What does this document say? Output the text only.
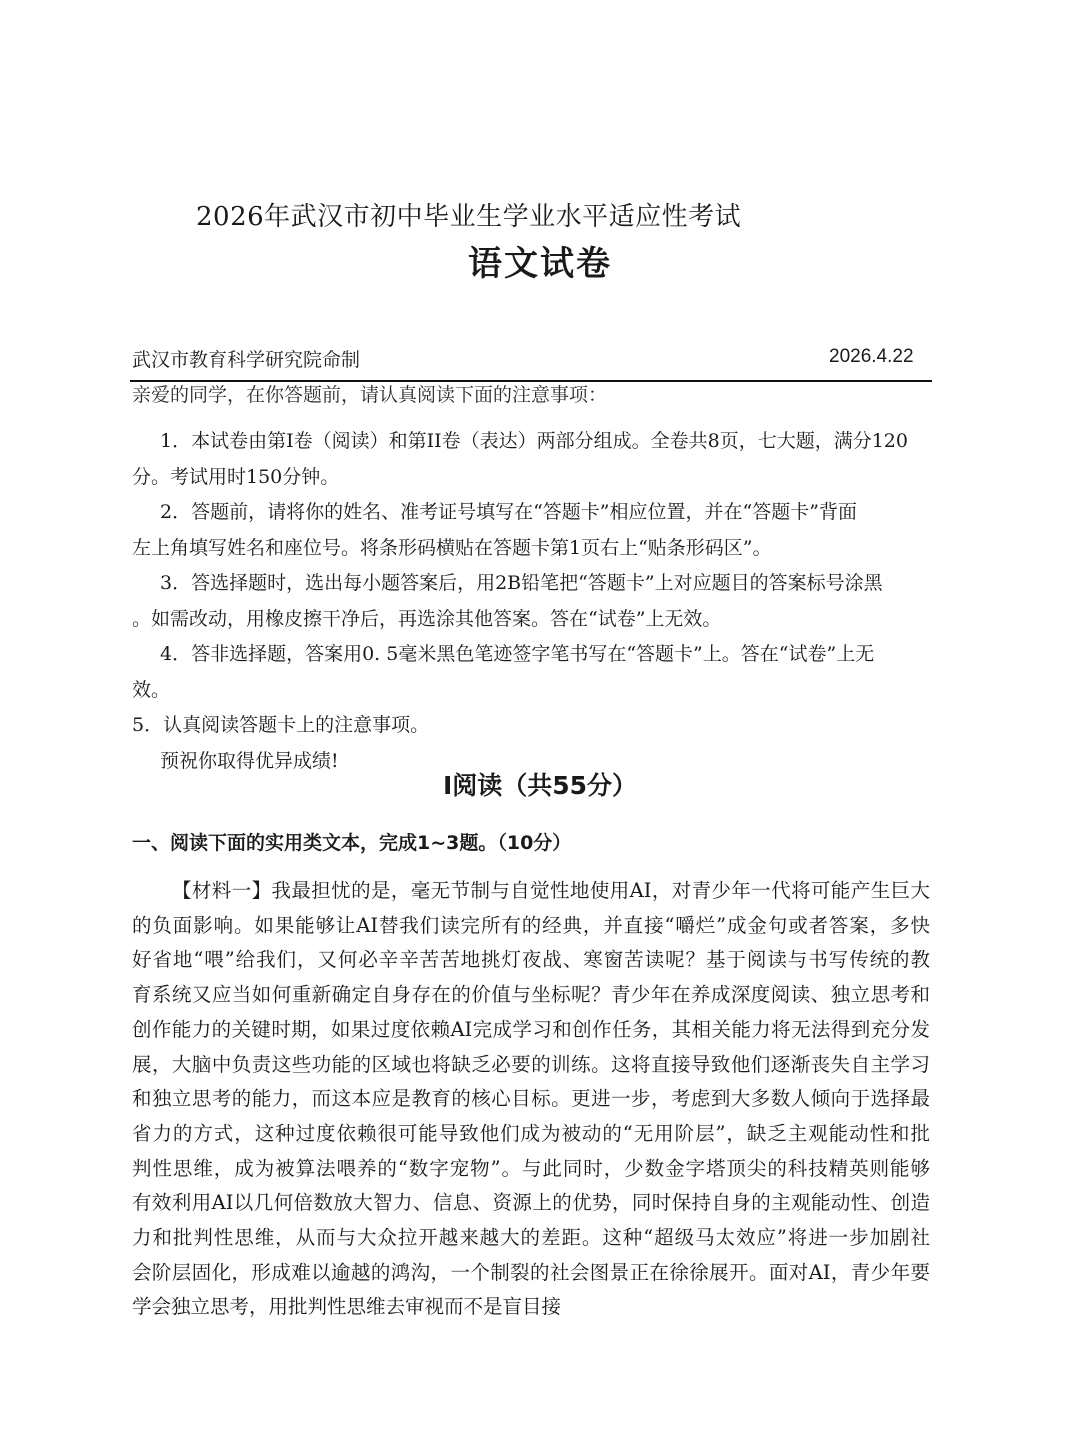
2026年武汉市初中毕业生学业水平适应性考试
语文试卷
武汉市教育科学研究院命制	2026.4.22
亲爱的同学，在你答题前，请认真阅读下面的注意事项：

1．本试卷由第I卷（阅读）和第II卷（表达）两部分组成。全卷共8页，七大题，满分120

分。考试用时150分钟。

2．答题前，请将你的姓名、准考证号填写在“答题卡”相应位置，并在“答题卡”背面

左上角填写姓名和座位号。将条形码横贴在答题卡第1页右上“贴条形码区”。

3．答选择题时，选出每小题答案后，用2B铅笔把“答题卡”上对应题目的答案标号涂黑

。如需改动，用橡皮擦干净后，再选涂其他答案。答在“试卷”上无效。

4．答非选择题，答案用0. 5毫米黑色笔迹签字笔书写在“答题卡”上。答在“试卷”上无

效。

5．认真阅读答题卡上的注意事项。

预祝你取得优异成绩!

I阅读（共55分）
一、阅读下面的实用类文本，完成1~3题。（10分）
【材料一】我最担忧的是，毫无节制与自觉性地使用AI，对青少年一代将可能产生巨大
的负面影响。如果能够让AI替我们读完所有的经典，并直接“嚼烂”成金句或者答案，多快
好省地“喂”给我们，又何必辛辛苦苦地挑灯夜战、寒窗苦读呢？基于阅读与书写传统的教
育系统又应当如何重新确定自身存在的价值与坐标呢？青少年在养成深度阅读、独立思考和
创作能力的关键时期，如果过度依赖AI完成学习和创作任务，其相关能力将无法得到充分发
展，大脑中负责这些功能的区域也将缺乏必要的训练。这将直接导致他们逐渐丧失自主学习
和独立思考的能力，而这本应是教育的核心目标。更进一步，考虑到大多数人倾向于选择最
省力的方式，这种过度依赖很可能导致他们成为被动的“无用阶层”，缺乏主观能动性和批
判性思维，成为被算法喂养的“数字宠物”。与此同时，少数金字塔顶尖的科技精英则能够
有效利用AI以几何倍数放大智力、信息、资源上的优势，同时保持自身的主观能动性、创造
力和批判性思维，从而与大众拉开越来越大的差距。这种“超级马太效应”将进一步加剧社
会阶层固化，形成难以逾越的鸿沟，一个制裂的社会图景正在徐徐展开。面对AI，青少年要
学会独立思考，用批判性思维去审视而不是盲目接
